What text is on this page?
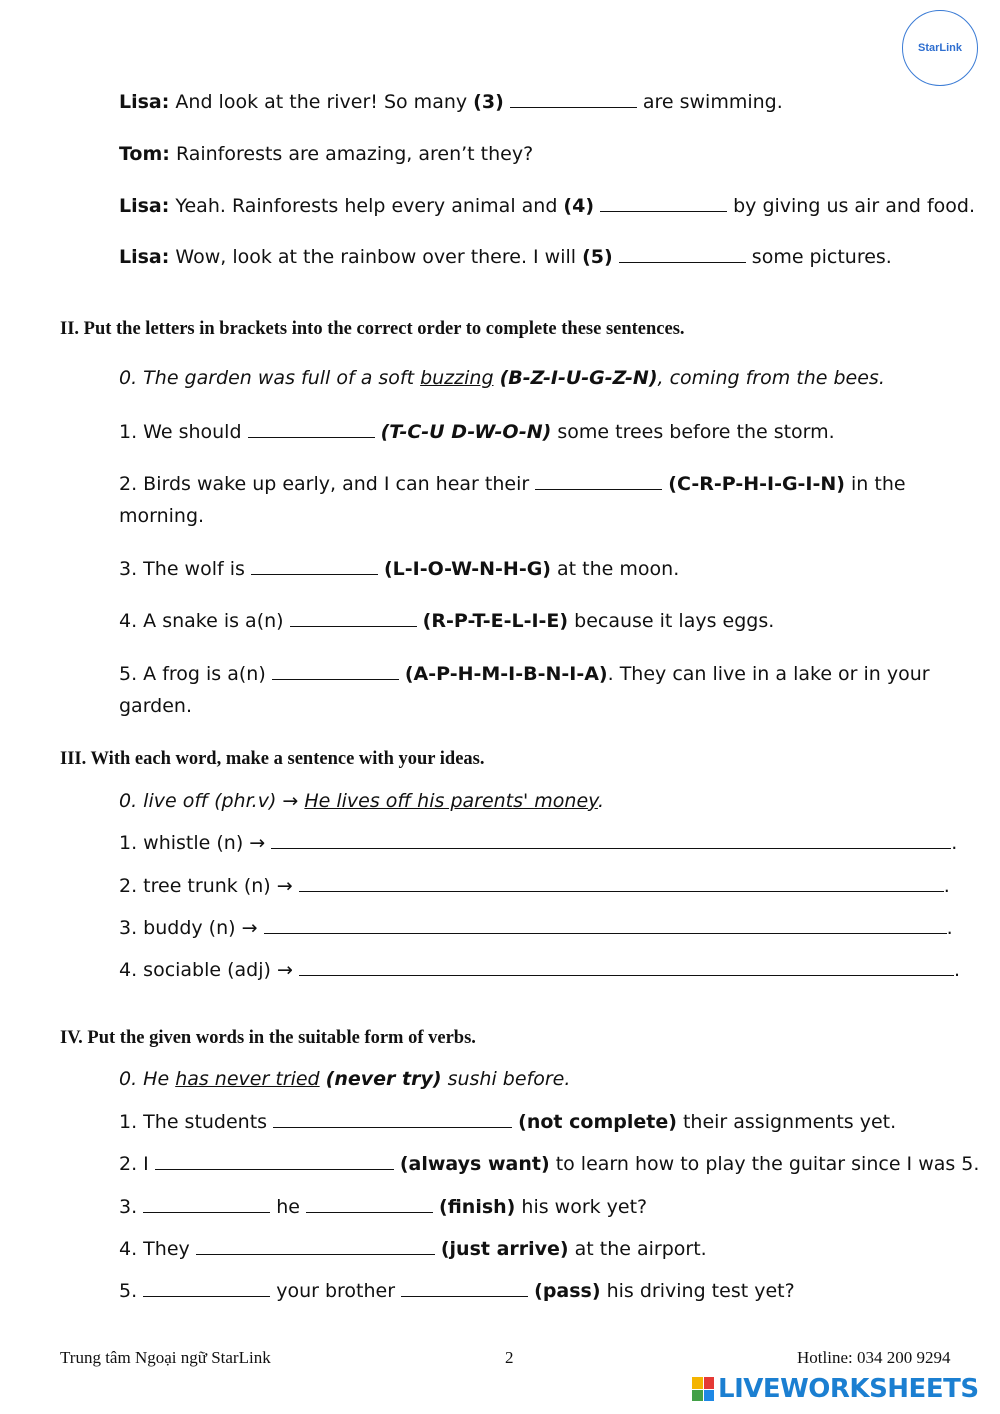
StarLink
Lisa: And look at the river! So many (3)	are swimming.
Tom: Rainforests are amazing, aren’t they?
Lisa: Yeah. Rainforests help every animal and (4)	by giving us air and food.
Lisa: Wow, look at the rainbow over there. I will (5)	some pictures.
II. Put the letters in brackets into the correct order to complete these sentences.
0. The garden was full of a soft buzzing (B-Z-I-U-G-Z-N), coming from the bees.
1. We should	(T-C-U D-W-O-N) some trees before the storm.
2. Birds wake up early, and I can hear their	(C-R-P-H-I-G-I-N) in the
morning.
3. The wolf is	(L-I-O-W-N-H-G) at the moon.
4. A snake is a(n)	(R-P-T-E-L-I-E) because it lays eggs.
5. A frog is a(n)	(A-P-H-M-I-B-N-I-A). They can live in a lake or in your
garden.
III. With each word, make a sentence with your ideas.
0. live off (phr.v) → He lives off his parents' money.
1. whistle (n) →	.
2. tree trunk (n) →	.
3. buddy (n) →	.
4. sociable (adj) →	.
IV. Put the given words in the suitable form of verbs.
0. He has never tried (never try) sushi before.
1. The students	(not complete) their assignments yet.
2. I	(always want) to learn how to play the guitar since I was 5.
3.	he	(finish) his work yet?
4. They	(just arrive) at the airport.
5.	your brother	(pass) his driving test yet?
Trung tâm Ngoại ngữ StarLink	2	Hotline: 034 200 9294
LIVEWORKSHEETS
